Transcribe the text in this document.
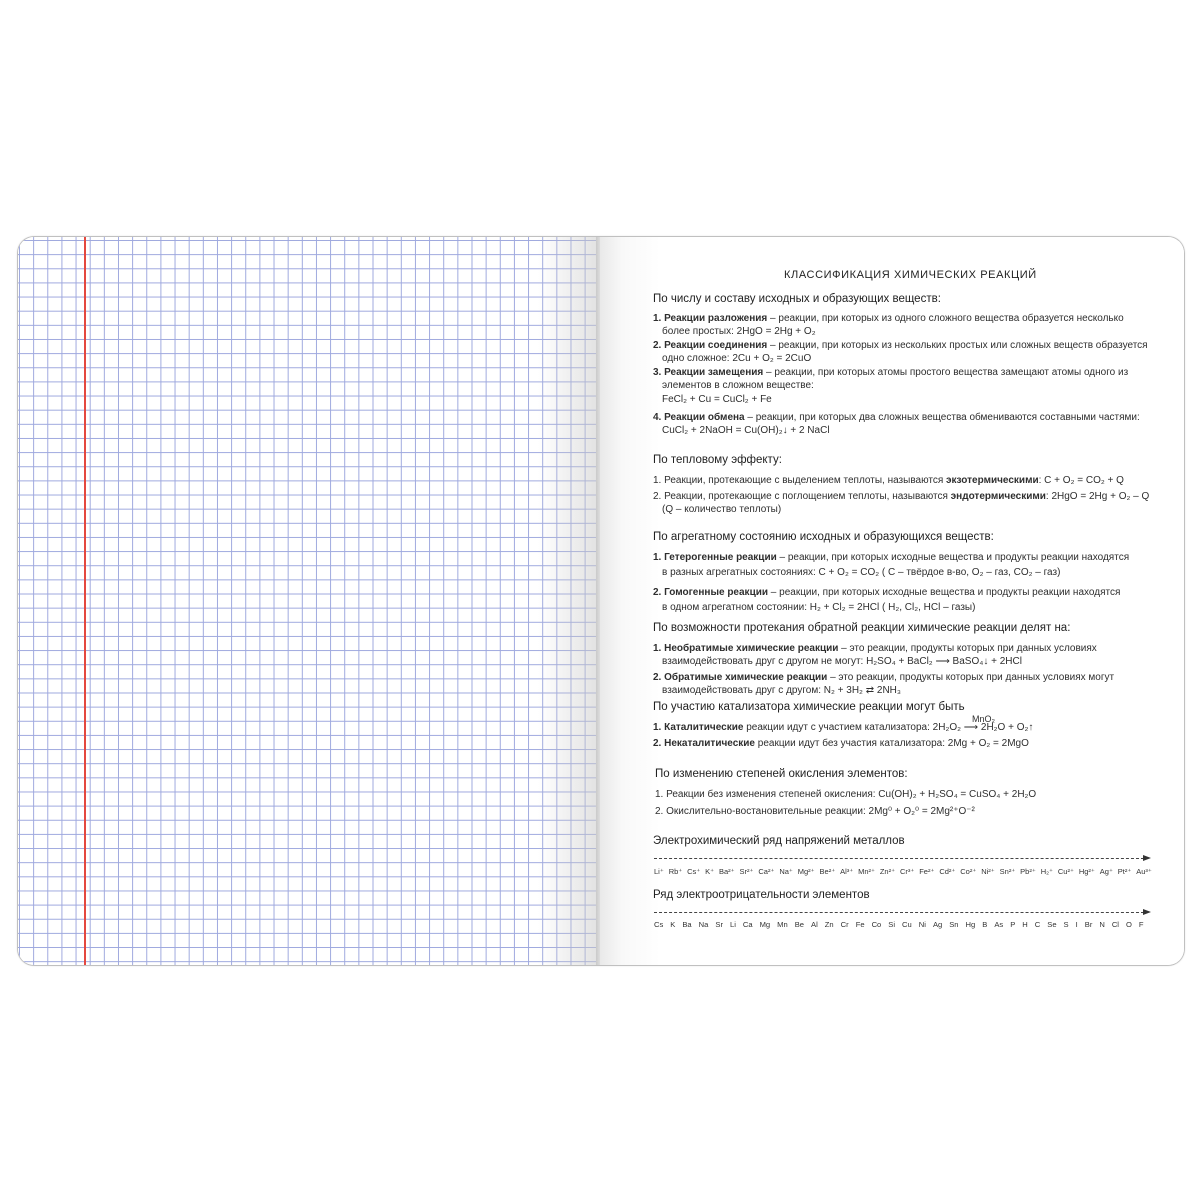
КЛАССИФИКАЦИЯ ХИМИЧЕСКИХ РЕАКЦИЙ
По числу и составу исходных и образующих веществ:
1. Реакции разложения – реакции, при которых из одного сложного вещества образуется несколько
более простых: 2HgO = 2Hg + O₂
2. Реакции соединения – реакции, при которых из нескольких простых или сложных веществ образуется
одно сложное: 2Cu + O₂ = 2CuO
3. Реакции замещения – реакции, при которых атомы простого вещества замещают атомы одного из
элементов в сложном веществе:
FeCl₂ + Cu = CuCl₂ + Fe
4. Реакции обмена – реакции, при которых два сложных вещества обмениваются составными частями:
CuCl₂ + 2NaOH = Cu(OH)₂↓ + 2 NaCl
По тепловому эффекту:
1. Реакции, протекающие с выделением теплоты, называются экзотермическими: C + O₂ = CO₂ + Q
2. Реакции, протекающие с поглощением теплоты, называются эндотермическими: 2HgO = 2Hg + O₂ – Q
(Q – количество теплоты)
По агрегатному состоянию исходных и образующихся веществ:
1. Гетерогенные реакции – реакции, при которых исходные вещества и продукты реакции находятся
в разных агрегатных состояниях: C + O₂ = CO₂ ( C – твёрдое в-во, O₂ – газ, CO₂ – газ)
2. Гомогенные реакции – реакции, при которых исходные вещества и продукты реакции находятся
в одном агрегатном состоянии: H₂ + Cl₂ = 2HCl ( H₂, Cl₂, HCl – газы)
По возможности протекания обратной реакции химические реакции делят на:
1. Необратимые химические реакции – это реакции, продукты которых при данных условиях
взаимодействовать друг с другом не могут: H₂SO₄ + BaCl₂ ⟶ BaSO₄↓ + 2HCl
2. Обратимые химические реакции – это реакции, продукты которых при данных условиях могут
взаимодействовать друг с другом: N₂ + 3H₂ ⇄ 2NH₃
По участию катализатора химические реакции могут быть
MnO₂
1. Каталитические реакции идут с участием катализатора: 2H₂O₂ ⟶ 2H₂O + O₂↑
2. Некаталитические реакции идут без участия катализатора: 2Mg + O₂ = 2MgO
По изменению степеней окисления элементов:
1. Реакции без изменения степеней окисления: Cu(OH)₂ + H₂SO₄ = CuSO₄ + 2H₂O
2. Окислительно-востановительные реакции: 2Mg⁰ + O₂⁰ = 2Mg²⁺O⁻²
Электрохимический ряд напряжений металлов
Li⁺ Rb⁺ Cs⁺ K⁺ Ba²⁺ Sr²⁺ Ca²⁺ Na⁺ Mg²⁺ Be²⁺ Al³⁺ Mn²⁺ Zn²⁺ Cr³⁺ Fe²⁺ Cd²⁺ Co²⁺ Ni²⁺ Sn²⁺ Pb²⁺ H₂⁺ Cu²⁺ Hg²⁺ Ag⁺ Pt²⁺ Au³⁺
Ряд электроотрицательности элементов
Cs K Ba Na Sr Li Ca Mg Mn Be Al Zn Cr Fe Co Si Cu Ni Ag Sn Hg B As P H C Se S I Br N Cl O F
